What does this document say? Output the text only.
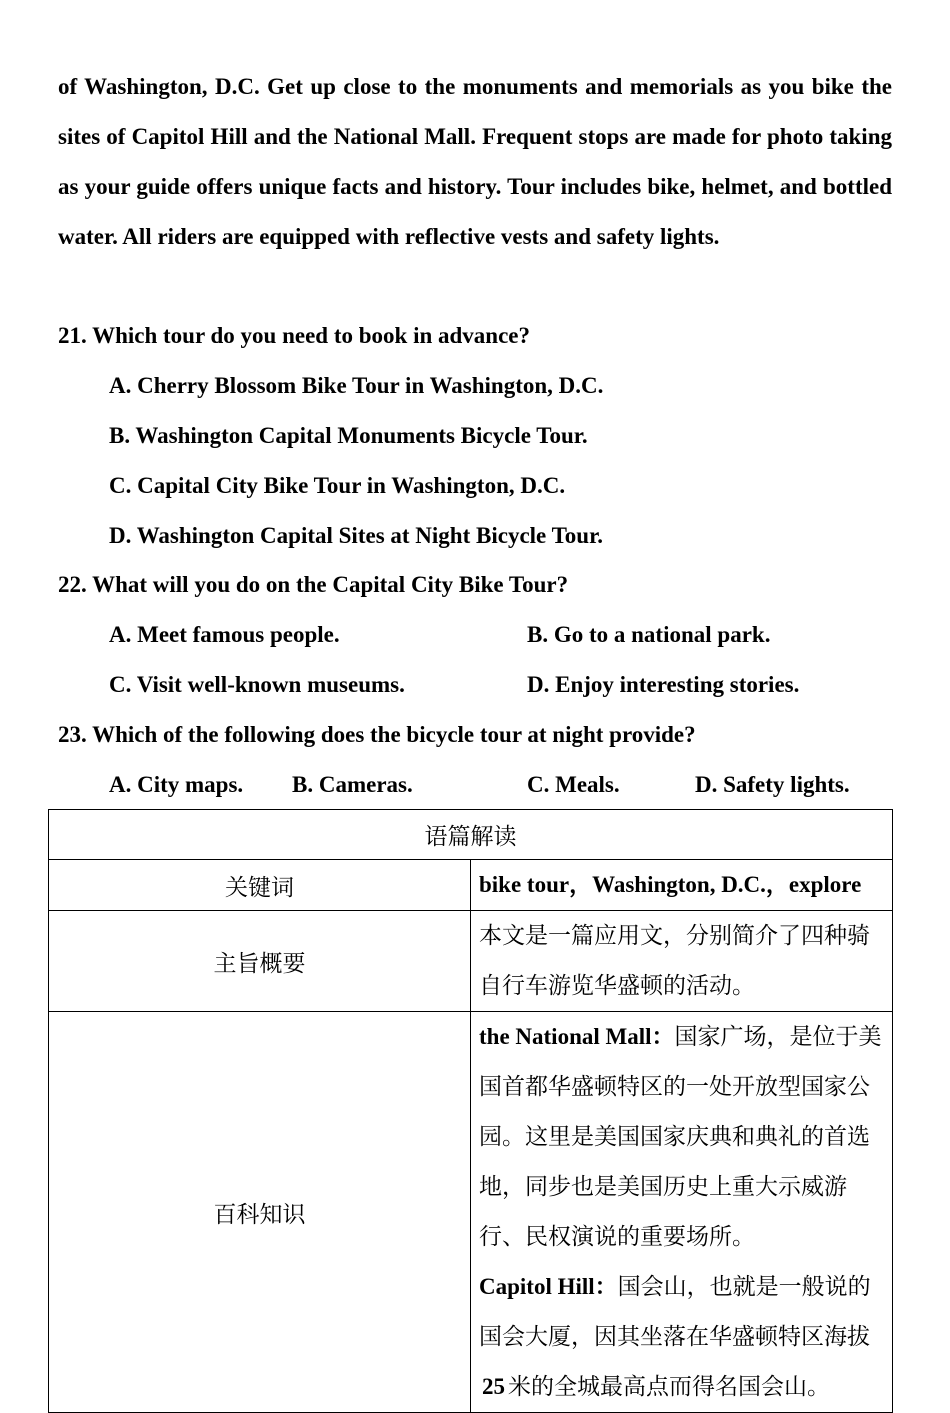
of Washington, D.C. Get up close to the monuments and memorials as you bike the sites of Capitol Hill and the National Mall. Frequent stops are made for photo taking as your guide offers unique facts and history. Tour includes bike, helmet, and bottled water. All riders are equipped with reflective vests and safety lights.
21. Which tour do you need to book in advance?
A. Cherry Blossom Bike Tour in Washington, D.C.
B. Washington Capital Monuments Bicycle Tour.
C. Capital City Bike Tour in Washington, D.C.
D. Washington Capital Sites at Night Bicycle Tour.
22. What will you do on the Capital City Bike Tour?
A. Meet famous people.	B. Go to a national park.
C. Visit well-known museums.	D. Enjoy interesting stories.
23. Which of the following does the bicycle tour at night provide?
A. City maps. B. Cameras.	C. Meals.	D. Safety lights.
语篇解读	
关键词	bike tour，Washington, D.C.，explore
主旨概要	本文是一篇应用文，分别简介了四种骑自行车游览华盛顿的活动。
百科知识	the National Mall：国家广场，是位于美国首都华盛顿特区的一处开放型国家公园。这里是美国国家庆典和典礼的首选地，同步也是美国历史上重大示威游行、民权演说的重要场所。
Capitol Hill：国会山，也就是一般说的国会大厦，因其坐落在华盛顿特区海拔25 米的全城最高点而得名国会山。
